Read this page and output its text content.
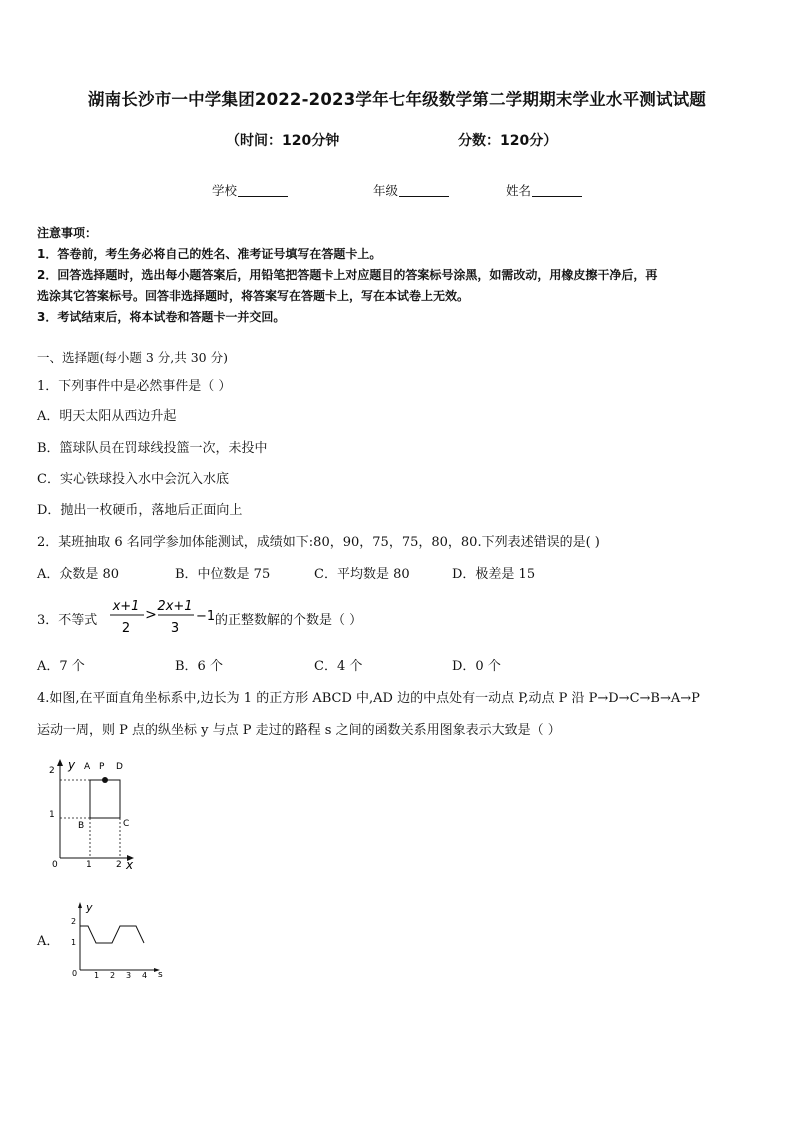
湖南长沙市一中学集团2022-2023学年七年级数学第二学期期末学业水平测试试题
（时间：120分钟	分数：120分）
学校	年级	姓名
注意事项：
1．答卷前，考生务必将自己的姓名、准考证号填写在答题卡上。
2．回答选择题时，选出每小题答案后，用铅笔把答题卡上对应题目的答案标号涂黑，如需改动，用橡皮擦干净后，再
选涂其它答案标号。回答非选择题时，将答案写在答题卡上，写在本试卷上无效。
3．考试结束后，将本试卷和答题卡一并交回。
一、选择题(每小题 3 分,共 30 分)
1．下列事件中是必然事件是（ ）
A．明天太阳从西边升起
B．篮球队员在罚球线投篮一次，未投中
C．实心铁球投入水中会沉入水底
D．抛出一枚硬币，落地后正面向上
2．某班抽取 6 名同学参加体能测试，成绩如下:80，90，75，75，80，80.下列表述错误的是( )
A．众数是 80	B．中位数是 75	C．平均数是 80	D．极差是 15
3．不等式
x+1
2
>
2x+1
3
−1 的正整数解的个数是（ ）
A．7 个	B．6 个	C．4 个	D．0 个
4.如图,在平面直角坐标系中,边长为 1 的正方形 ABCD 中,AD 边的中点处有一动点 P,动点 P 沿 P→D→C→B→A→P
运动一周，则 P 点的纵坐标 y 与点 P 走过的路程 s 之间的函数关系用图象表示大致是（ ）
y
x
0
2
1
1	2
A P D
B	C
A．
y
s
0
1
2
1 2 3 4
